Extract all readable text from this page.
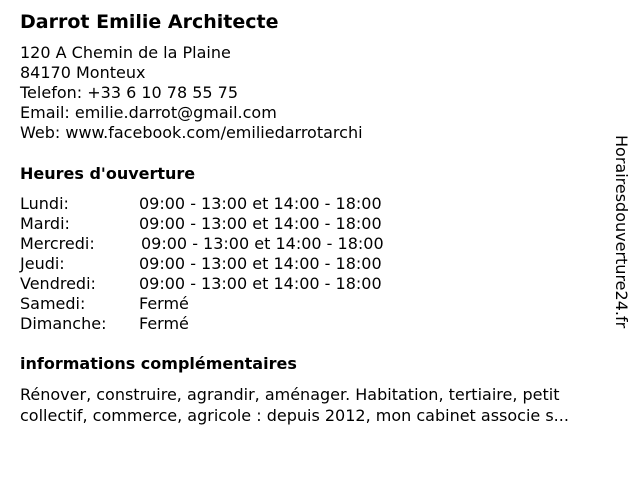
Darrot Emilie Architecte
120 A Chemin de la Plaine
84170 Monteux
Telefon: +33 6 10 78 55 75
Email: emilie.darrot@gmail.com
Web: www.facebook.com/emiliedarrotarchi
Heures d'ouverture
Lundi:	09:00 - 13:00 et 14:00 - 18:00
Mardi:	09:00 - 13:00 et 14:00 - 18:00
Mercredi:	09:00 - 13:00 et 14:00 - 18:00
Jeudi:	09:00 - 13:00 et 14:00 - 18:00
Vendredi:	09:00 - 13:00 et 14:00 - 18:00
Samedi:	Fermé
Dimanche:	Fermé
informations complémentaires
Rénover, construire, agrandir, aménager. Habitation, tertiaire, petit
collectif, commerce, agricole : depuis 2012, mon cabinet associe s...
Horairesdouverture24.fr
